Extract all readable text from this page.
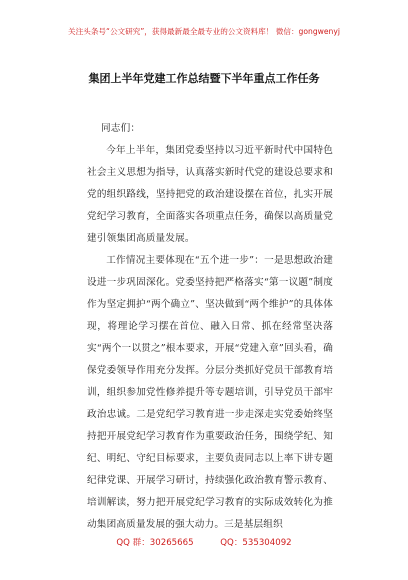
关注头条号“公文研究”，获得最新最全最专业的公文资料库！ 微信：gongwenyj
集团上半年党建工作总结暨下半年重点工作任务

同志们：

今年上半年，集团党委坚持以习近平新时代中国特色社会主义思想为指导，认真落实新时代党的建设总要求和党的组织路线，坚持把党的政治建设摆在首位，扎实开展党纪学习教育，全面落实各项重点任务，确保以高质量党建引领集团高质量发展。

工作情况主要体现在“五个进一步”：一是思想政治建设进一步巩固深化。党委坚持把严格落实“第一议题”制度作为坚定拥护“两个确立”、坚决做到“两个维护”的具体体现，将理论学习摆在首位、融入日常、抓在经常坚决落实“两个一以贯之”根本要求，开展“党建入章”回头看，确保党委领导作用充分发挥。分层分类抓好党员干部教育培训，组织参加党性修养提升等专题培训，引导党员干部牢政治忠诚。二是党纪学习教育进一步走深走实党委始终坚持把开展党纪学习教育作为重要政治任务，围绕学纪、知纪、明纪、守纪目标要求，主要负责同志以上率下讲专题纪律党课、开展学习研讨，持续强化政治教育警示教育、培训解读，努力把开展党纪学习教育的实际成效转化为推动集团高质量发展的强大动力。三是基层组织

QQ 群：30265665	QQ：535304092
